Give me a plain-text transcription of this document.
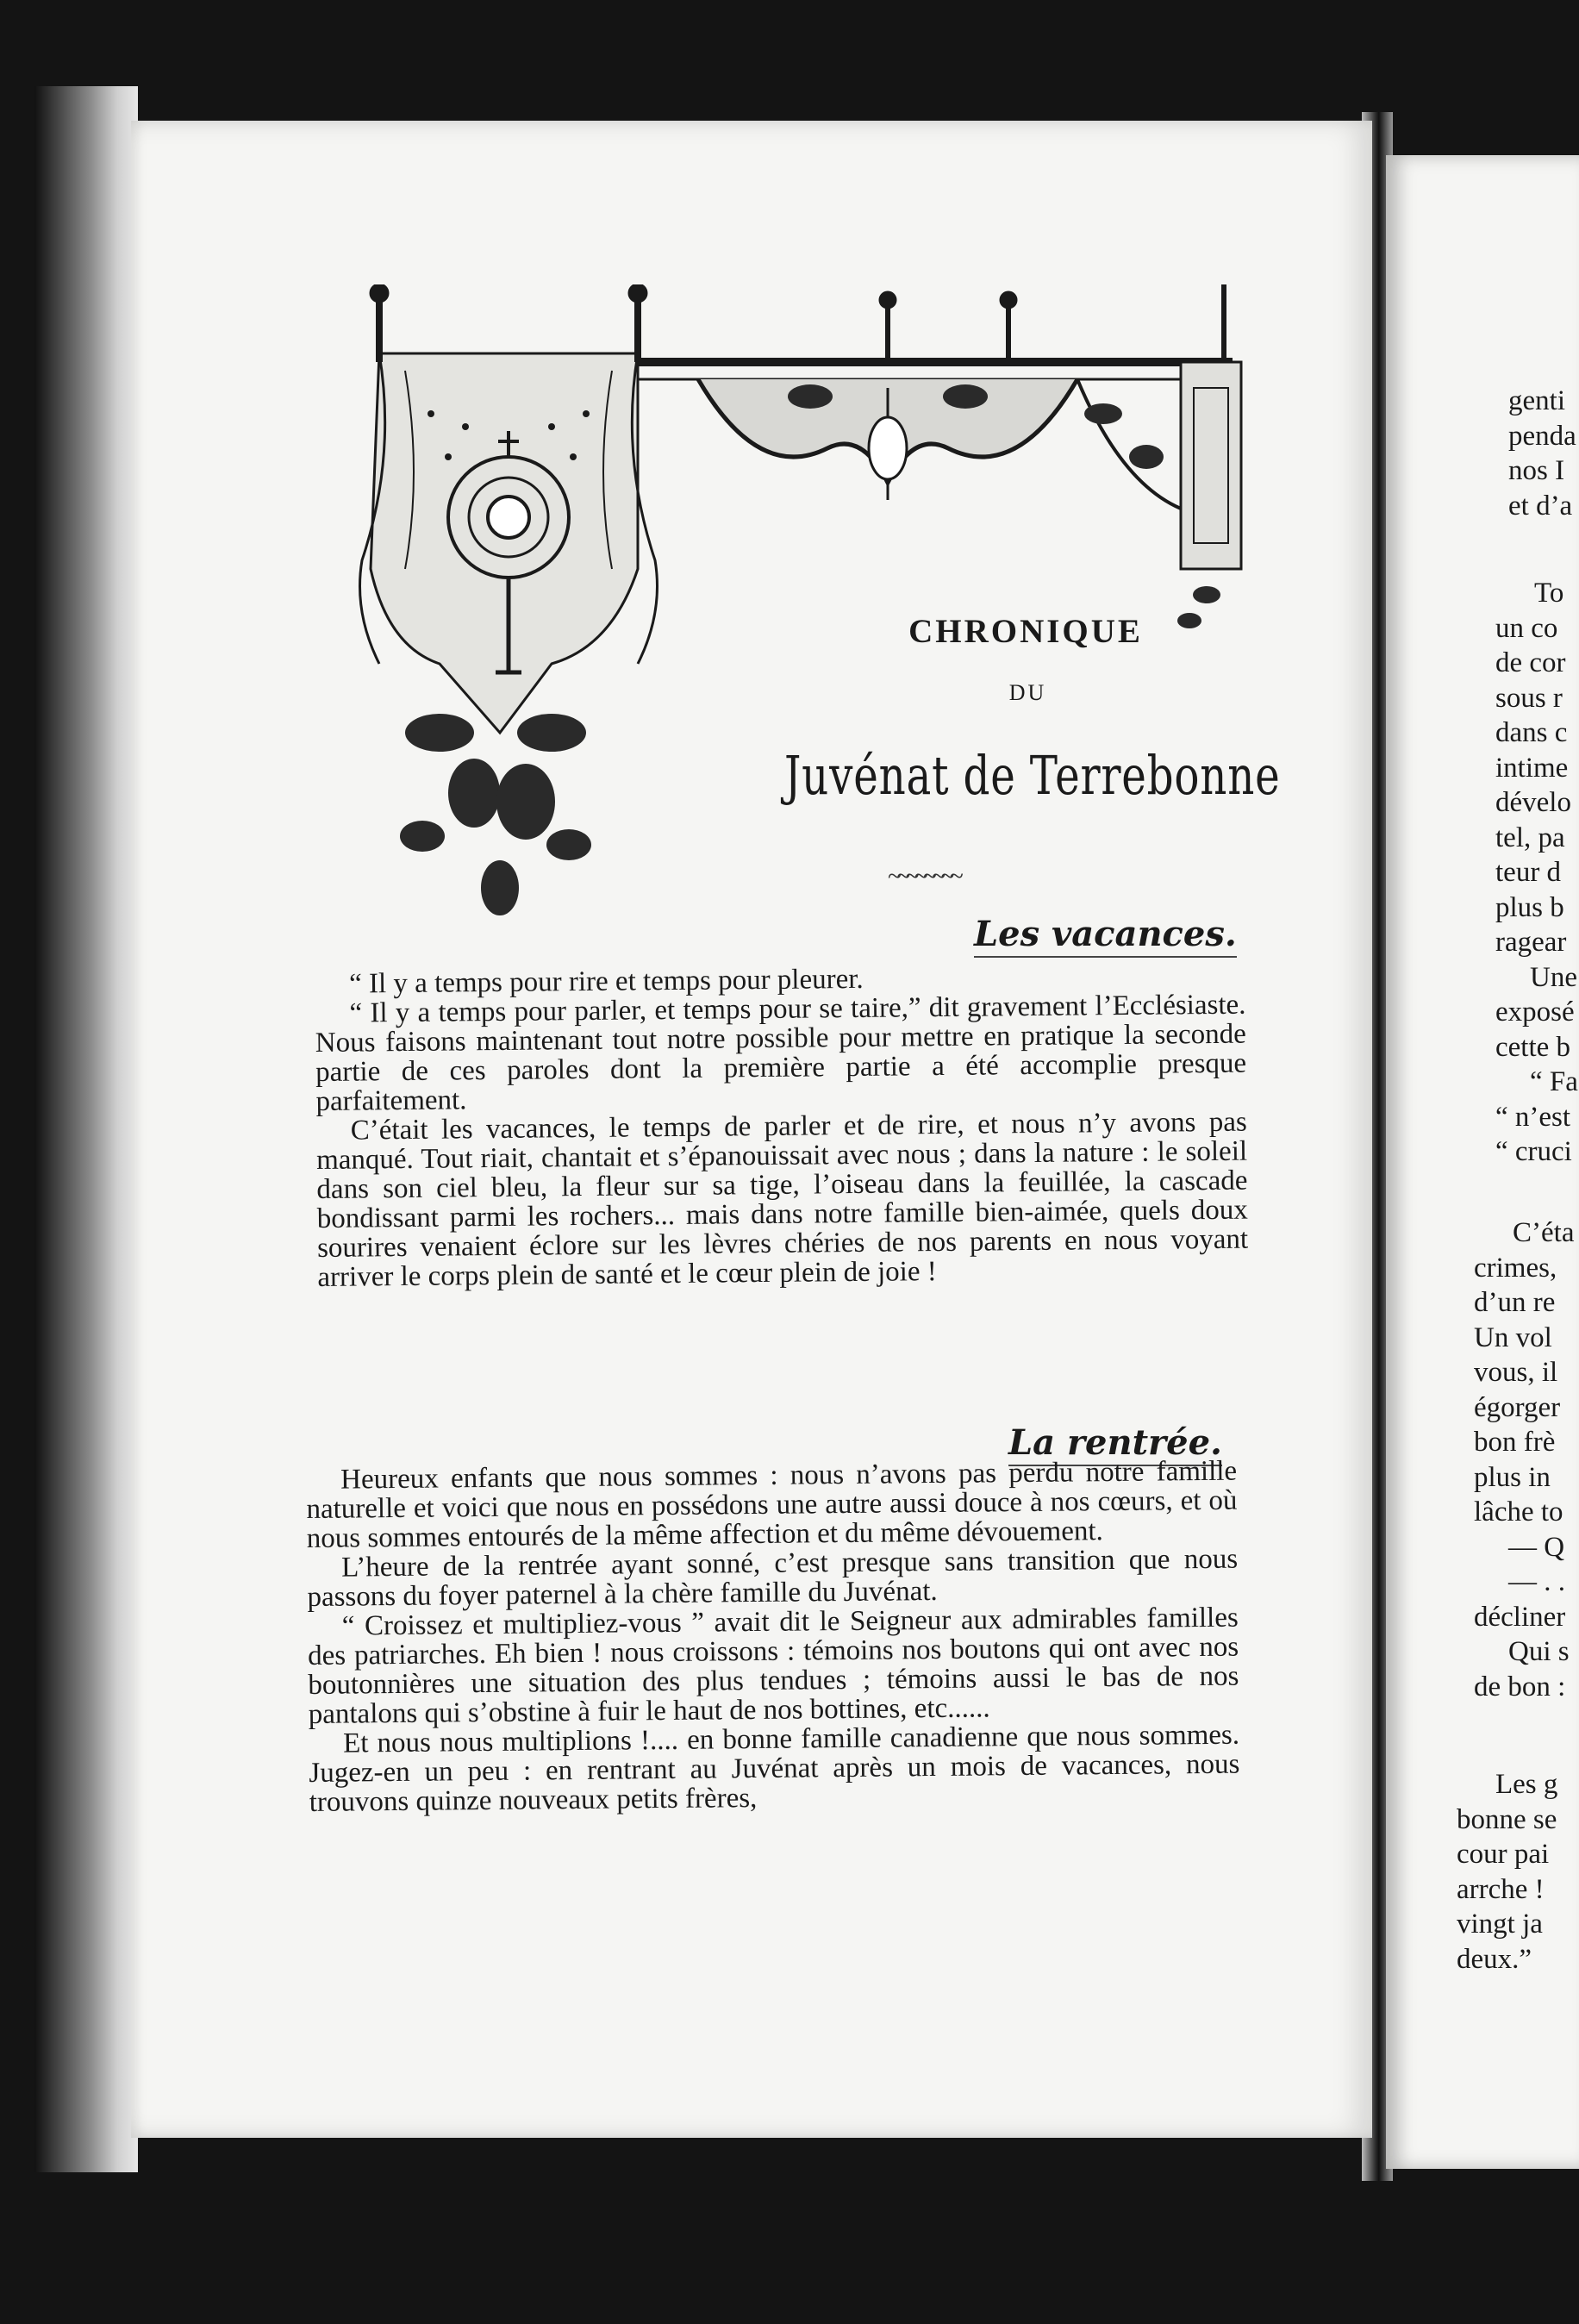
CHRONIQUE
DU
Juvénat de Terrebonne
~~~~~~~~
Les vacances.

“ Il y a temps pour rire et temps pour pleurer.

“ Il y a temps pour parler, et temps pour se taire,” dit gravement l’Ecclésiaste. Nous faisons maintenant tout notre possible pour mettre en pratique la seconde partie de ces paroles dont la première partie a été accomplie presque parfaitement.

C’était les vacances, le temps de parler et de rire, et nous n’y avons pas manqué. Tout riait, chantait et s’épanouissait avec nous ; dans la nature : le soleil dans son ciel bleu, la fleur sur sa tige, l’oiseau dans la feuillée, la cascade bondissant parmi les rochers... mais dans notre famille bien-aimée, quels doux sourires venaient éclore sur les lèvres chéries de nos parents en nous voyant arriver le corps plein de santé et le cœur plein de joie !

La rentrée.

Heureux enfants que nous sommes : nous n’avons pas perdu notre famille naturelle et voici que nous en possédons une autre aussi douce à nos cœurs, et où nous sommes entourés de la même affection et du même dévouement.

L’heure de la rentrée ayant sonné, c’est presque sans transition que nous passons du foyer paternel à la chère famille du Juvénat.

“ Croissez et multipliez-vous ” avait dit le Seigneur aux admirables familles des patriarches. Eh bien ! nous croissons : témoins nos boutons qui ont avec nos boutonnières une situation des plus tendues ; témoins aussi le bas de nos pantalons qui s’obstine à fuir le haut de nos bottines, etc......

Et nous nous multiplions !.... en bonne famille canadienne que nous sommes. Jugez-en un peu : en rentrant au Juvénat après un mois de vacances, nous trouvons quinze nouveaux petits frères,

genti
penda
nos I
et d’a
To
un co
de cor
sous r
dans c
intime
dévelo
tel, pa
teur d
plus b
ragear
Une
exposé
cette b
“ Fa
“ n’est
“ cruci
C’éta
crimes,
d’un re
Un vol
vous, il
égorger
bon frè
plus in
lâche to
— Q
— . .
décliner
Qui s
de bon :
Les g
bonne se
cour pai
arrche !
vingt ja
deux.”
